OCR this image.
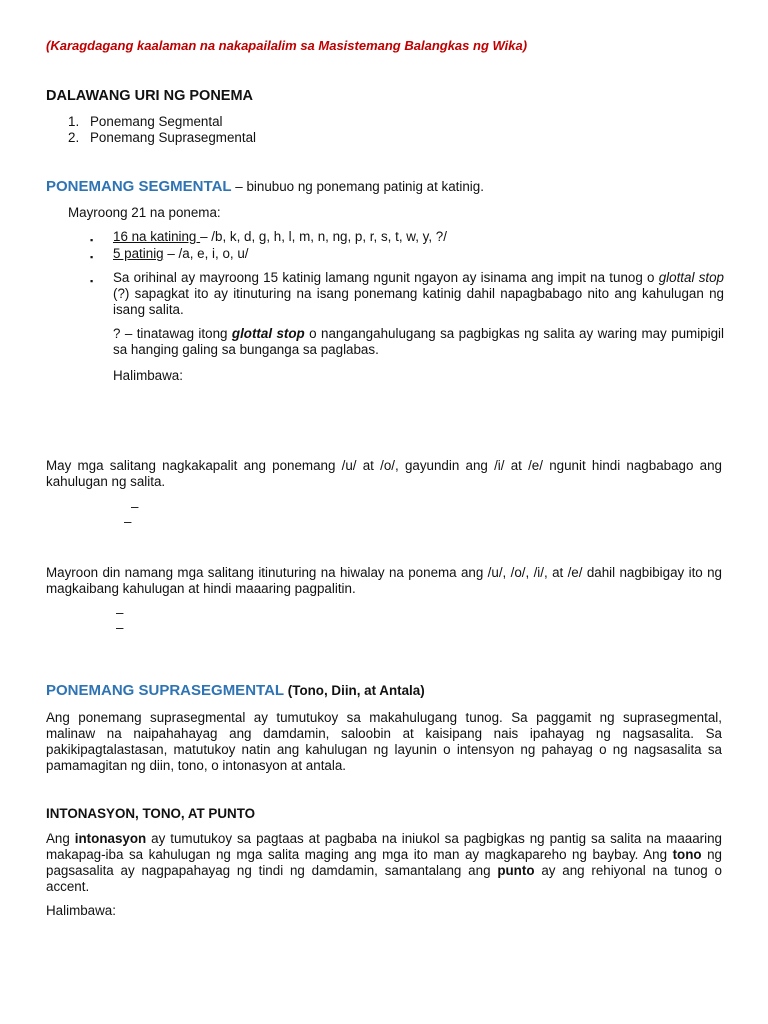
(Karagdagang kaalaman na nakapailalim sa Masistemang Balangkas ng Wika)
DALAWANG URI NG PONEMA
1. Ponemang Segmental
2. Ponemang Suprasegmental
PONEMANG SEGMENTAL – binubuo ng ponemang patinig at katinig.
Mayroong 21 na ponema:
▪ 16 na katining – /b, k, d, g, h, l, m, n, ng, p, r, s, t, w, y, ?/
▪ 5 patinig – /a, e, i, o, u/
▪ Sa orihinal ay mayroong 15 katinig lamang ngunit ngayon ay isinama ang impit na tunog o glottal stop (?) sapagkat ito ay itinuturing na isang ponemang katinig dahil napagbabago nito ang kahulugan ng isang salita.
? – tinatawag itong glottal stop o nangangahulugang sa pagbigkas ng salita ay waring may pumipigil sa hanging galing sa bunganga sa paglabas.
Halimbawa:
May mga salitang nagkakapalit ang ponemang /u/ at /o/, gayundin ang /i/ at /e/ ngunit hindi nagbabago ang kahulugan ng salita.
–
–
Mayroon din namang mga salitang itinuturing na hiwalay na ponema ang /u/, /o/, /i/, at /e/ dahil nagbibigay ito ng magkaibang kahulugan at hindi maaaring pagpalitin.
–
–
PONEMANG SUPRASEGMENTAL (Tono, Diin, at Antala)
Ang ponemang suprasegmental ay tumutukoy sa makahulugang tunog. Sa paggamit ng suprasegmental, malinaw na naipahahayag ang damdamin, saloobin at kaisipang nais ipahayag ng nagsasalita. Sa pakikipagtalastasan, matutukoy natin ang kahulugan ng layunin o intensyon ng pahayag o ng nagsasalita sa pamamagitan ng diin, tono, o intonasyon at antala.
INTONASYON, TONO, AT PUNTO
Ang intonasyon ay tumutukoy sa pagtaas at pagbaba na iniukol sa pagbigkas ng pantig sa salita na maaaring makapag-iba sa kahulugan ng mga salita maging ang mga ito man ay magkapareho ng baybay. Ang tono ng pagsasalita ay nagpapahayag ng tindi ng damdamin, samantalang ang punto ay ang rehiyonal na tunog o accent.
Halimbawa:
